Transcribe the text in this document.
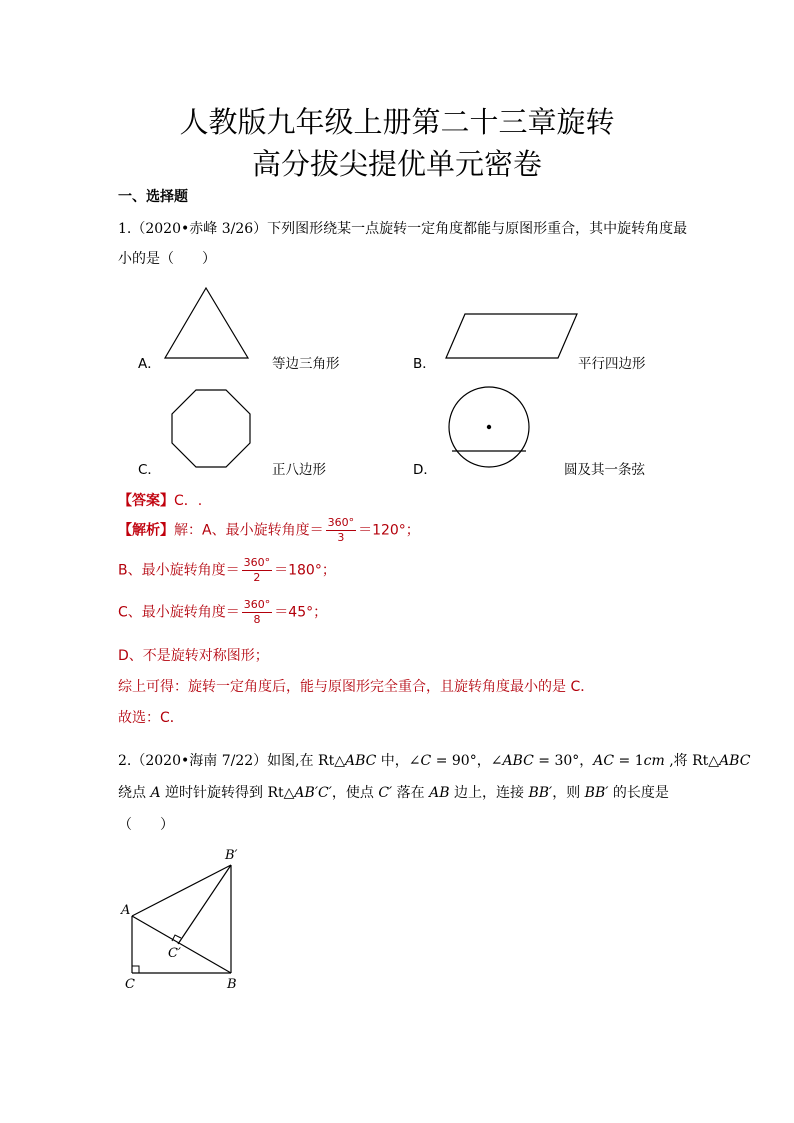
人教版九年级上册第二十三章旋转
高分拔尖提优单元密卷
一、选择题
1.（2020•赤峰 3/26）下列图形绕某一点旋转一定角度都能与原图形重合，其中旋转角度最
小的是（　　）
A．	等边三角形	B．	平行四边形
C．	正八边形	D．	圆及其一条弦
【答案】C．.
【解析】解：A、最小旋转角度＝ $\frac{360^\circ}{3} =120^\circ$；
B、最小旋转角度＝ $\frac{360^\circ}{2} =180^\circ$；
C、最小旋转角度＝ $\frac{360^\circ}{8} =45^\circ$；
D、不是旋转对称图形；
综上可得：旋转一定角度后，能与原图形完全重合，且旋转角度最小的是 C．
故选：C．
2.（2020•海南 7/22）如图,在 Rt△ABC 中，∠C = 90°，∠ABC = 30°，AC = 1cm ,将 Rt△ABC
绕点 A 逆时针旋转得到 Rt△AB′C′，使点 C′ 落在 AB 边上，连接 BB′，则 BB′ 的长度是
（　　）
A
B
C
C′
B′
